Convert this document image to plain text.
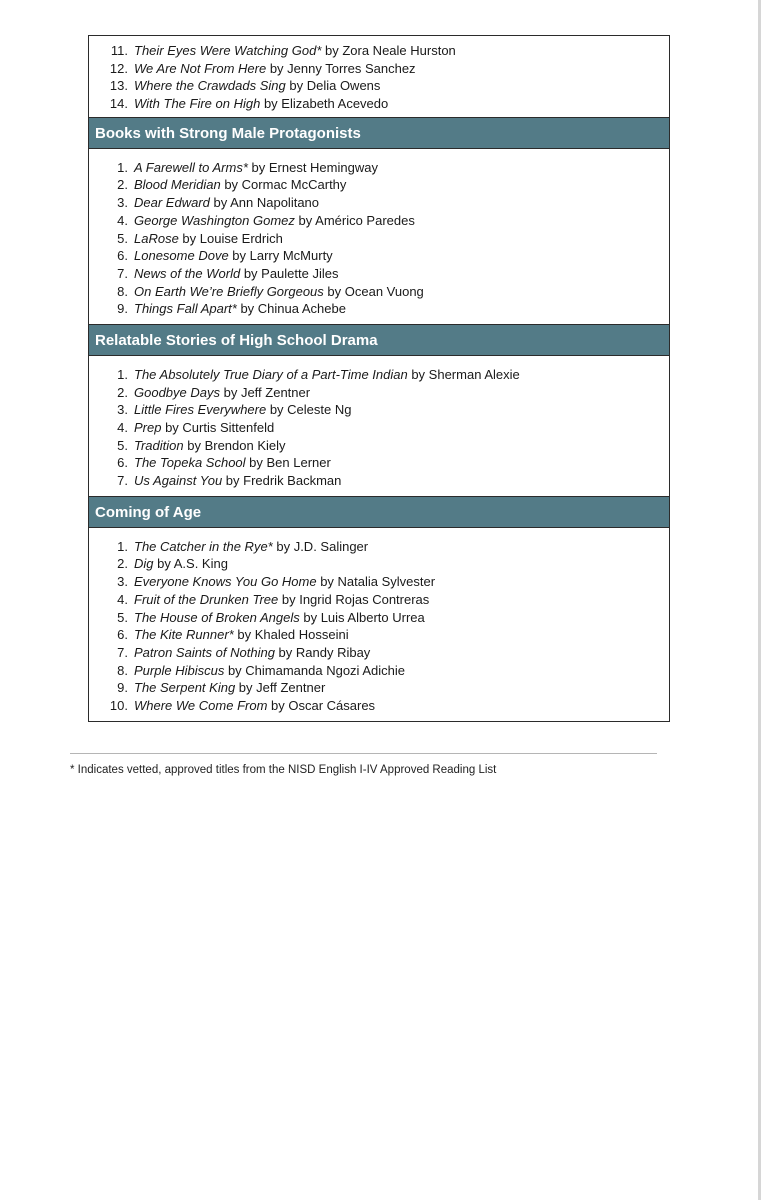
11. Their Eyes Were Watching God* by Zora Neale Hurston
12. We Are Not From Here by Jenny Torres Sanchez
13. Where the Crawdads Sing by Delia Owens
14. With The Fire on High by Elizabeth Acevedo
Books with Strong Male Protagonists
1. A Farewell to Arms* by Ernest Hemingway
2. Blood Meridian by Cormac McCarthy
3. Dear Edward by Ann Napolitano
4. George Washington Gomez by Américo Paredes
5. LaRose by Louise Erdrich
6. Lonesome Dove by Larry McMurty
7. News of the World by Paulette Jiles
8. On Earth We’re Briefly Gorgeous by Ocean Vuong
9. Things Fall Apart* by Chinua Achebe
Relatable Stories of High School Drama
1. The Absolutely True Diary of a Part-Time Indian by Sherman Alexie
2. Goodbye Days by Jeff Zentner
3. Little Fires Everywhere by Celeste Ng
4. Prep by Curtis Sittenfeld
5. Tradition by Brendon Kiely
6. The Topeka School by Ben Lerner
7. Us Against You by Fredrik Backman
Coming of Age
1. The Catcher in the Rye* by J.D. Salinger
2. Dig by A.S. King
3. Everyone Knows You Go Home by Natalia Sylvester
4. Fruit of the Drunken Tree by Ingrid Rojas Contreras
5. The House of Broken Angels by Luis Alberto Urrea
6. The Kite Runner* by Khaled Hosseini
7. Patron Saints of Nothing by Randy Ribay
8. Purple Hibiscus by Chimamanda Ngozi Adichie
9. The Serpent King by Jeff Zentner
10. Where We Come From by Oscar Cásares
* Indicates vetted, approved titles from the NISD English I-IV Approved Reading List
